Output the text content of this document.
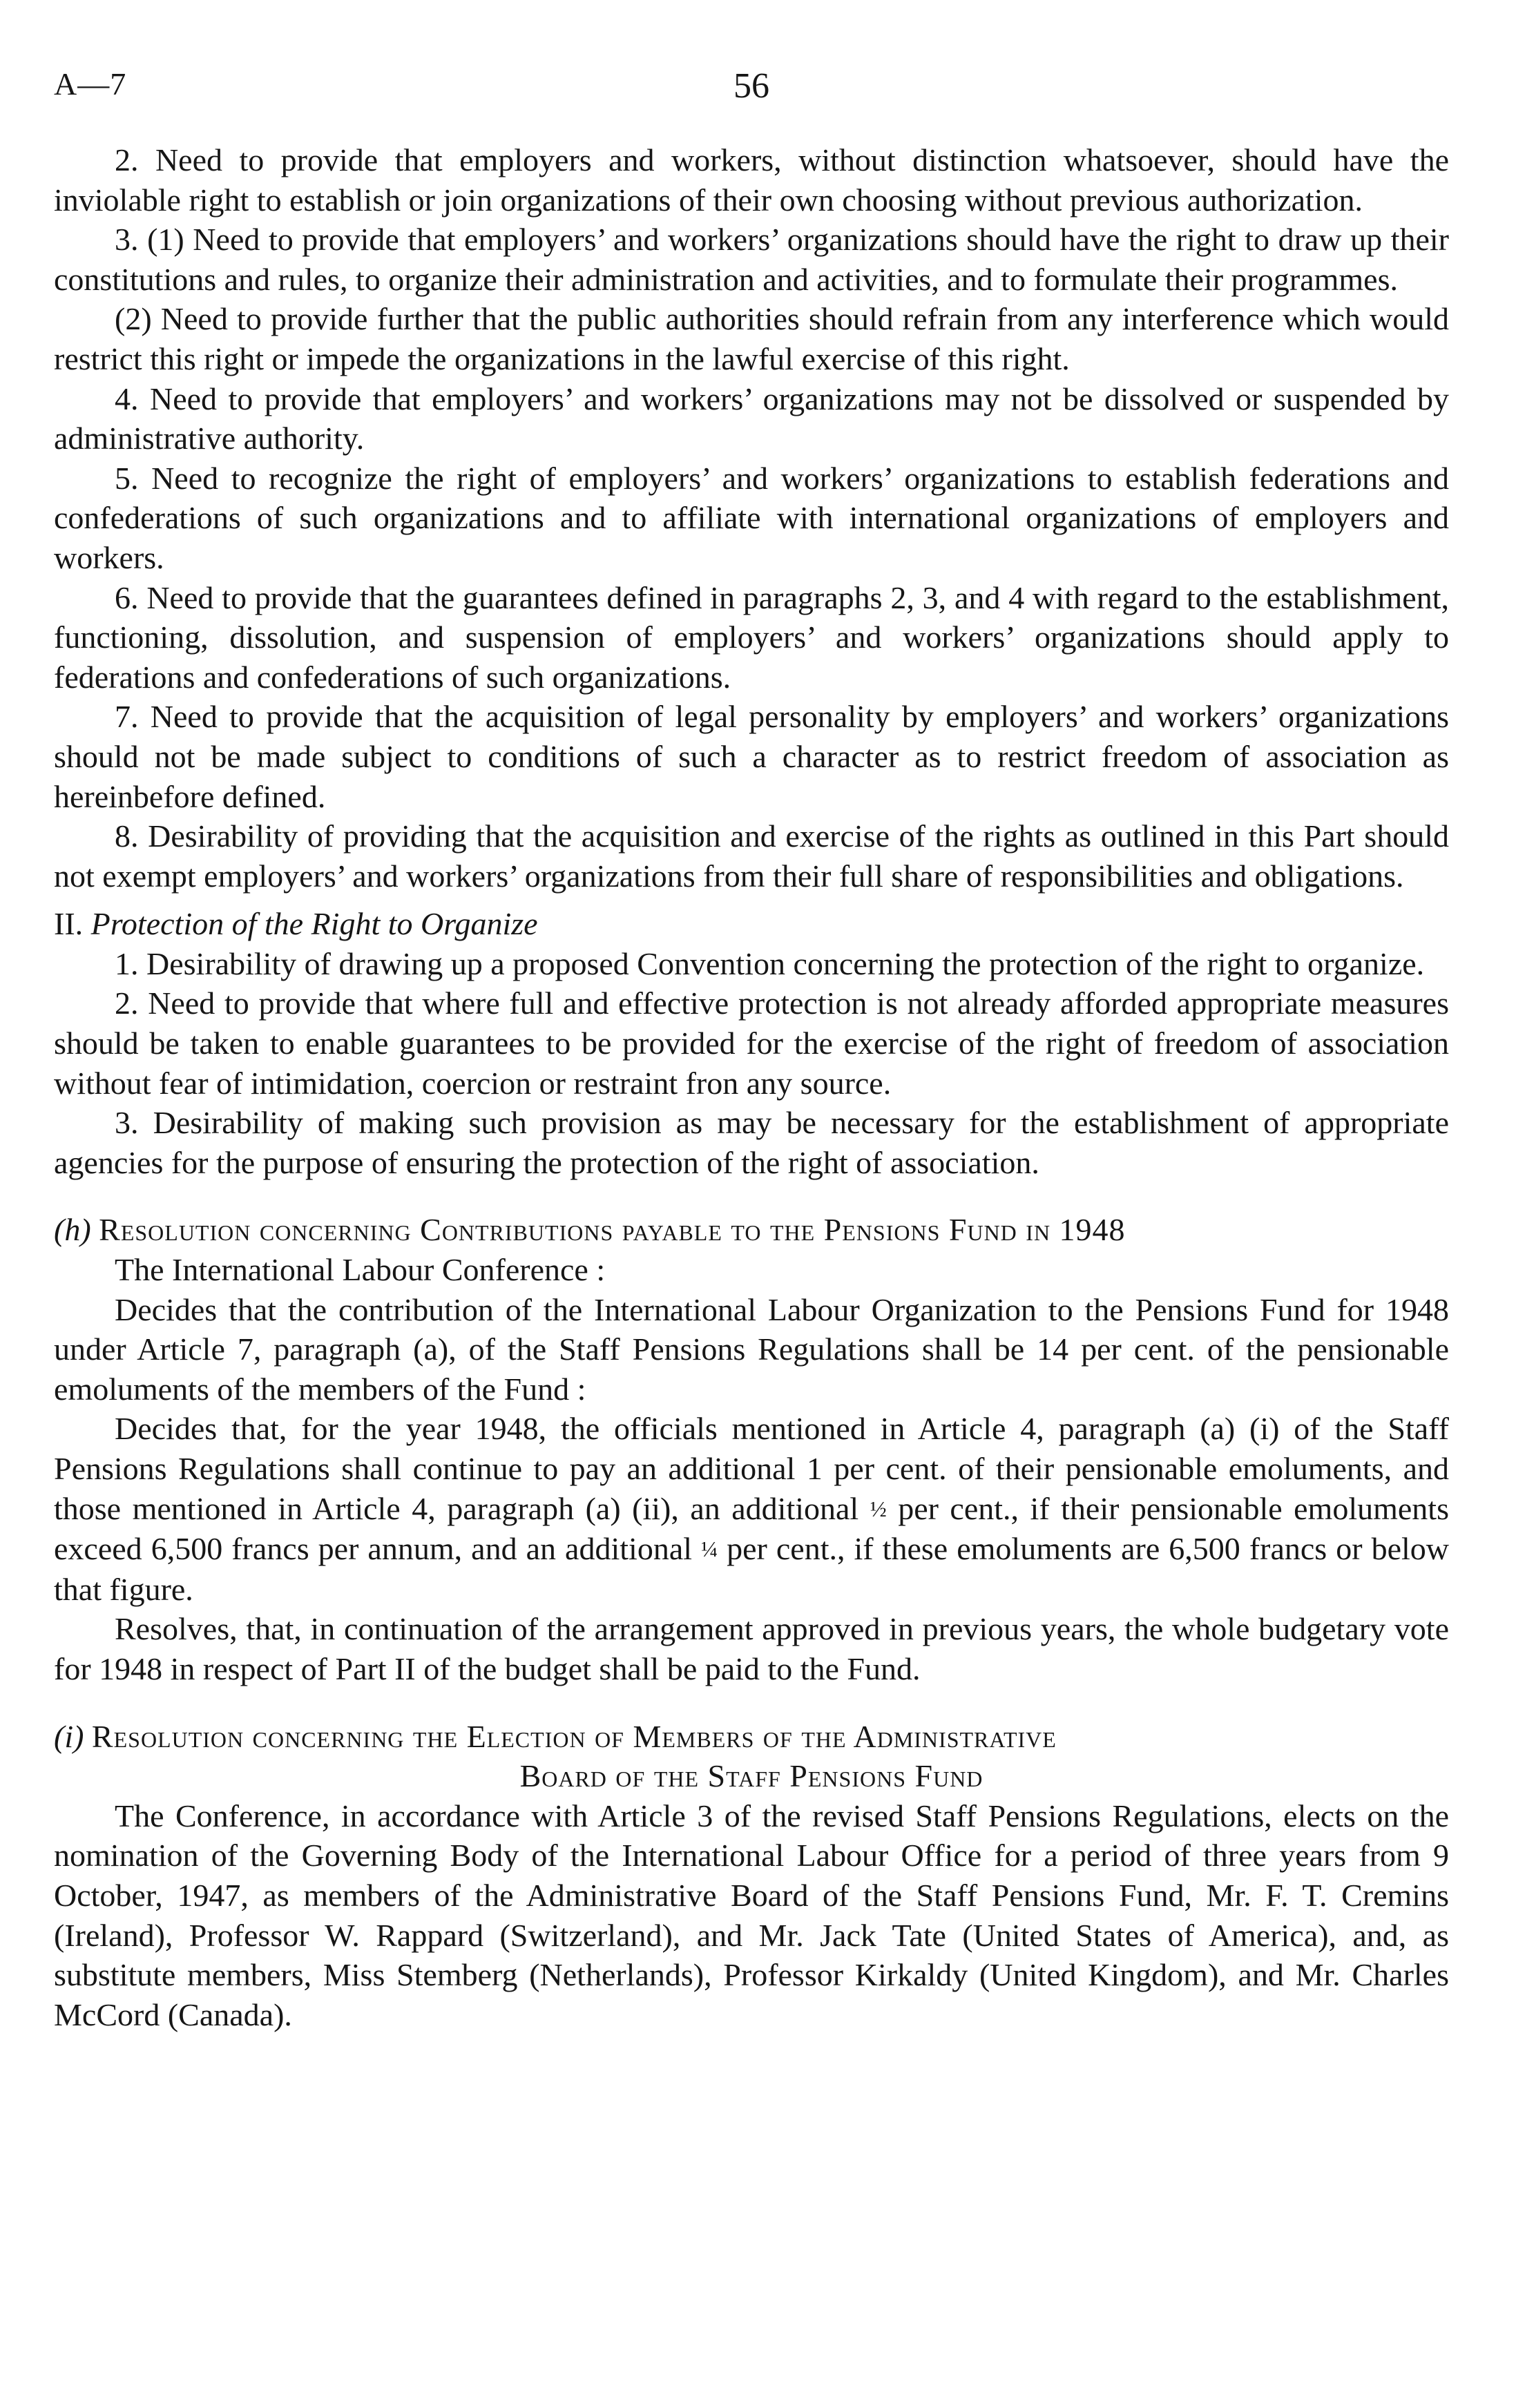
A—7	56

2. Need to provide that employers and workers, without distinction whatsoever, should have the inviolable right to establish or join organizations of their own choosing without previous authorization.

3. (1) Need to provide that employers’ and workers’ organizations should have the right to draw up their constitutions and rules, to organize their administration and activities, and to formulate their programmes.

(2) Need to provide further that the public authorities should refrain from any interference which would restrict this right or impede the organizations in the lawful exercise of this right.

4. Need to provide that employers’ and workers’ organizations may not be dissolved or suspended by administrative authority.

5. Need to recognize the right of employers’ and workers’ organizations to establish federations and confederations of such organizations and to affiliate with international organizations of employers and workers.

6. Need to provide that the guarantees defined in paragraphs 2, 3, and 4 with regard to the establishment, functioning, dissolution, and suspension of employers’ and workers’ organizations should apply to federations and confederations of such organizations.

7. Need to provide that the acquisition of legal personality by employers’ and workers’ organizations should not be made subject to conditions of such a character as to restrict freedom of association as hereinbefore defined.

8. Desirability of providing that the acquisition and exercise of the rights as outlined in this Part should not exempt employers’ and workers’ organizations from their full share of responsibilities and obligations.

II. Protection of the Right to Organize

1. Desirability of drawing up a proposed Convention concerning the protection of the right to organize.

2. Need to provide that where full and effective protection is not already afforded appropriate measures should be taken to enable guarantees to be provided for the exercise of the right of freedom of association without fear of intimidation, coercion or restraint fron any source.

3. Desirability of making such provision as may be necessary for the establishment of appropriate agencies for the purpose of ensuring the protection of the right of association.

(h) Resolution concerning Contributions payable to the Pensions Fund in 1948

The International Labour Conference :

Decides that the contribution of the International Labour Organization to the Pensions Fund for 1948 under Article 7, paragraph (a), of the Staff Pensions Regulations shall be 14 per cent. of the pensionable emoluments of the members of the Fund :

Decides that, for the year 1948, the officials mentioned in Article 4, paragraph (a) (i) of the Staff Pensions Regulations shall continue to pay an additional 1 per cent. of their pensionable emoluments, and those mentioned in Article 4, paragraph (a) (ii), an additional ½ per cent., if their pensionable emoluments exceed 6,500 francs per annum, and an additional ¼ per cent., if these emoluments are 6,500 francs or below that figure.

Resolves, that, in continuation of the arrangement approved in previous years, the whole budgetary vote for 1948 in respect of Part II of the budget shall be paid to the Fund.

(i) Resolution concerning the Election of Members of the Administrative
Board of the Staff Pensions Fund

The Conference, in accordance with Article 3 of the revised Staff Pensions Regulations, elects on the nomination of the Governing Body of the International Labour Office for a period of three years from 9 October, 1947, as members of the Administrative Board of the Staff Pensions Fund, Mr. F. T. Cremins (Ireland), Professor W. Rappard (Switzerland), and Mr. Jack Tate (United States of America), and, as substitute members, Miss Stemberg (Netherlands), Professor Kirkaldy (United Kingdom), and Mr. Charles McCord (Canada).
